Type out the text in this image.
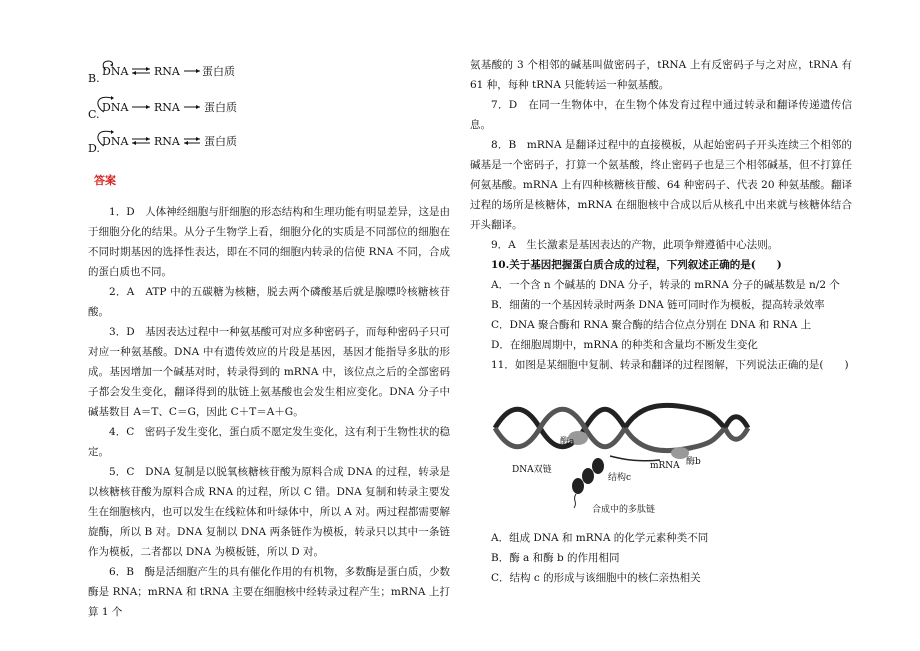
B.
DNA RNA 蛋白质
C.
DNA RNA 蛋白质
D.
DNA RNA 蛋白质
答案

1．D　人体神经细胞与肝细胞的形态结构和生理功能有明显差异，这是由于细胞分化的结果。从分子生物学上看，细胞分化的实质是不同部位的细胞在不同时期基因的选择性表达，即在不同的细胞内转录的信使 RNA 不同，合成的蛋白质也不同。

2．A　ATP 中的五碳糖为核糖，脱去两个磷酸基后就是腺嘌呤核糖核苷酸。

3．D　基因表达过程中一种氨基酸可对应多种密码子，而每种密码子只可对应一种氨基酸。DNA 中有遗传效应的片段是基因，基因才能指导多肽的形成。基因增加一个碱基对时，转录得到的 mRNA 中，该位点之后的全部密码子都会发生变化，翻译得到的肽链上氨基酸也会发生相应变化。DNA 分子中碱基数目 A＝T、C＝G，因此 C＋T＝A＋G。

4．C　密码子发生变化，蛋白质不愿定发生变化，这有利于生物性状的稳定。

5．C　DNA 复制是以脱氧核糖核苷酸为原料合成 DNA 的过程，转录是以核糖核苷酸为原料合成 RNA 的过程，所以 C 错。DNA 复制和转录主要发生在细胞核内，也可以发生在线粒体和叶绿体中，所以 A 对。两过程都需要解旋酶，所以 B 对。DNA 复制以 DNA 两条链作为模板，转录只以其中一条链作为模板，二者都以 DNA 为模板链，所以 D 对。

6．B　酶是活细胞产生的具有催化作用的有机物，多数酶是蛋白质，少数酶是 RNA；mRNA 和 tRNA 主要在细胞核中经转录过程产生；mRNA 上打算 1 个

氨基酸的 3 个相邻的碱基叫做密码子，tRNA 上有反密码子与之对应，tRNA 有 61 种，每种 tRNA 只能转运一种氨基酸。

7．D　在同一生物体中，在生物个体发育过程中通过转录和翻译传递遗传信息。

8．B　mRNA 是翻译过程中的直接模板，从起始密码子开头连续三个相邻的碱基是一个密码子，打算一个氨基酸，终止密码子也是三个相邻碱基，但不打算任何氨基酸。mRNA 上有四种核糖核苷酸、64 种密码子、代表 20 种氨基酸。翻译过程的场所是核糖体，mRNA 在细胞核中合成以后从核孔中出来就与核糖体结合开头翻译。

9．A　生长激素是基因表达的产物，此项争辩遵循中心法则。

10.关于基因把握蛋白质合成的过程，下列叙述正确的是(　　)

A．一个含 n 个碱基的 DNA 分子，转录的 mRNA 分子的碱基数是 n/2 个

B．细菌的一个基因转录时两条 DNA 链可同时作为模板，提高转录效率

C．DNA 聚合酶和 RNA 聚合酶的结合位点分别在 DNA 和 RNA 上

D．在细胞周期中，mRNA 的种类和含量均不断发生变化

11．如图是某细胞中复制、转录和翻译的过程图解，下列说法正确的是(　　)

酶a
酶b
mRNA
DNA双链
结构c
合成中的多肽链

A．组成 DNA 和 mRNA 的化学元素种类不同

B．酶 a 和酶 b 的作用相同

C．结构 c 的形成与该细胞中的核仁亲热相关
